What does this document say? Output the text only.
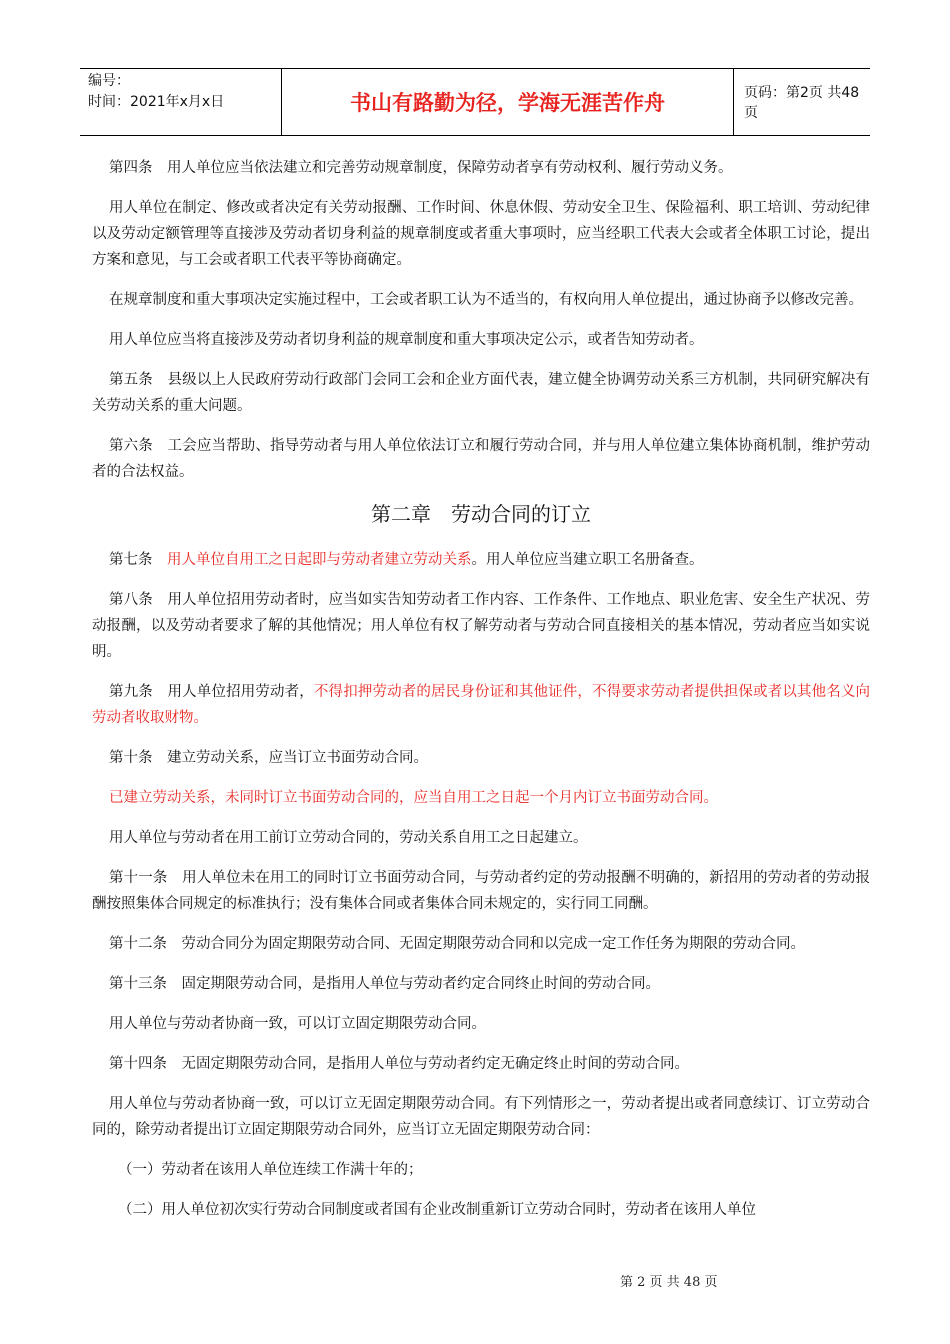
编号：
时间：2021年x月x日	书山有路勤为径，学海无涯苦作舟	页码：第2页 共48页

第四条　用人单位应当依法建立和完善劳动规章制度，保障劳动者享有劳动权利、履行劳动义务。

用人单位在制定、修改或者决定有关劳动报酬、工作时间、休息休假、劳动安全卫生、保险福利、职工培训、劳动纪律以及劳动定额管理等直接涉及劳动者切身利益的规章制度或者重大事项时，应当经职工代表大会或者全体职工讨论，提出方案和意见，与工会或者职工代表平等协商确定。

在规章制度和重大事项决定实施过程中，工会或者职工认为不适当的，有权向用人单位提出，通过协商予以修改完善。

用人单位应当将直接涉及劳动者切身利益的规章制度和重大事项决定公示，或者告知劳动者。

第五条　县级以上人民政府劳动行政部门会同工会和企业方面代表，建立健全协调劳动关系三方机制，共同研究解决有关劳动关系的重大问题。

第六条　工会应当帮助、指导劳动者与用人单位依法订立和履行劳动合同，并与用人单位建立集体协商机制，维护劳动者的合法权益。

第二章　劳动合同的订立

第七条　用人单位自用工之日起即与劳动者建立劳动关系。用人单位应当建立职工名册备查。

第八条　用人单位招用劳动者时，应当如实告知劳动者工作内容、工作条件、工作地点、职业危害、安全生产状况、劳动报酬，以及劳动者要求了解的其他情况；用人单位有权了解劳动者与劳动合同直接相关的基本情况，劳动者应当如实说明。

第九条　用人单位招用劳动者，不得扣押劳动者的居民身份证和其他证件，不得要求劳动者提供担保或者以其他名义向劳动者收取财物。

第十条　建立劳动关系，应当订立书面劳动合同。

已建立劳动关系，未同时订立书面劳动合同的，应当自用工之日起一个月内订立书面劳动合同。

用人单位与劳动者在用工前订立劳动合同的，劳动关系自用工之日起建立。

第十一条　用人单位未在用工的同时订立书面劳动合同，与劳动者约定的劳动报酬不明确的，新招用的劳动者的劳动报酬按照集体合同规定的标准执行；没有集体合同或者集体合同未规定的，实行同工同酬。

第十二条　劳动合同分为固定期限劳动合同、无固定期限劳动合同和以完成一定工作任务为期限的劳动合同。

第十三条　固定期限劳动合同，是指用人单位与劳动者约定合同终止时间的劳动合同。

用人单位与劳动者协商一致，可以订立固定期限劳动合同。

第十四条　无固定期限劳动合同，是指用人单位与劳动者约定无确定终止时间的劳动合同。

用人单位与劳动者协商一致，可以订立无固定期限劳动合同。有下列情形之一，劳动者提出或者同意续订、订立劳动合同的，除劳动者提出订立固定期限劳动合同外，应当订立无固定期限劳动合同：

（一）劳动者在该用人单位连续工作满十年的；

（二）用人单位初次实行劳动合同制度或者国有企业改制重新订立劳动合同时，劳动者在该用人单位

第 2 页 共 48 页
